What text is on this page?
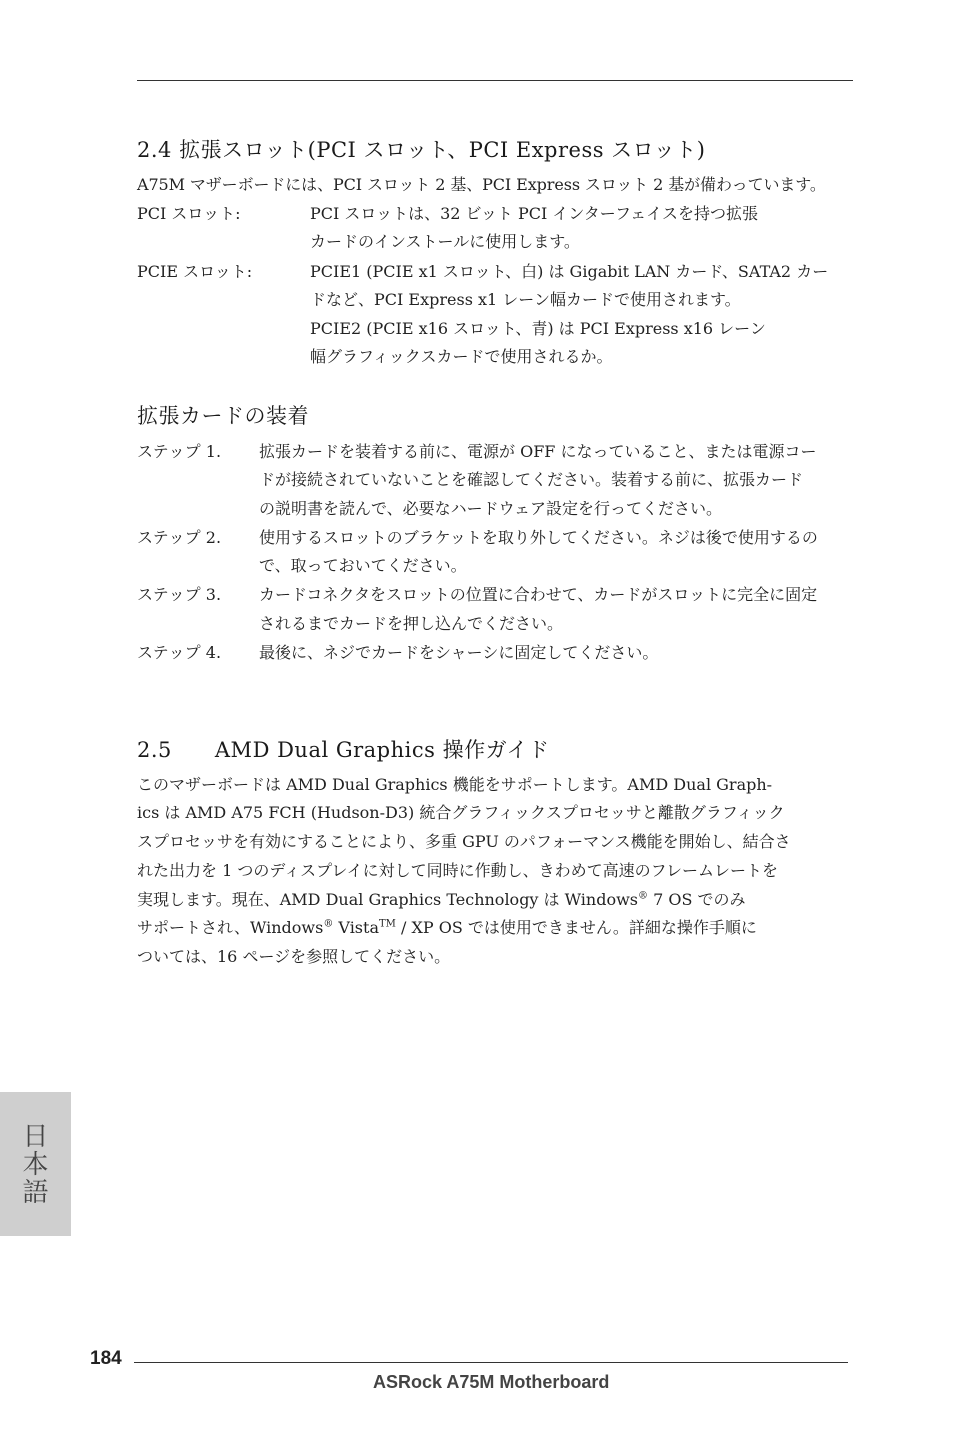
2.4 拡張スロット(PCI スロット、PCI Express スロット)
A75M マザーボードには、PCI スロット 2 基、PCI Express スロット 2 基が備わっています。
PCI スロット:	PCI スロットは、32 ビット PCI インターフェイスを持つ拡張
カードのインストールに使用します。
PCIE スロット:	PCIE1 (PCIE x1 スロット、白) は Gigabit LAN カード、SATA2 カー
ドなど、PCI Express x1 レーン幅カードで使用されます。
PCIE2 (PCIE x16 スロット、青) は PCI Express x16 レーン
幅グラフィックスカードで使用されるか。
拡張カードの装着
ステップ 1. 拡張カードを装着する前に、電源が OFF になっていること、または電源コー
ドが接続されていないことを確認してください。装着する前に、拡張カード
の説明書を読んで、必要なハードウェア設定を行ってください。
ステップ 2. 使用するスロットのブラケットを取り外してください。ネジは後で使用するの
で、取っておいてください。
ステップ 3. カードコネクタをスロットの位置に合わせて、カードがスロットに完全に固定
されるまでカードを押し込んでください。
ステップ 4. 最後に、ネジでカードをシャーシに固定してください。
2.5　　AMD Dual Graphics 操作ガイド
このマザーボードは AMD Dual Graphics 機能をサポートします。AMD Dual Graph-
ics は AMD A75 FCH (Hudson-D3) 統合グラフィックスプロセッサと離散グラフィック
スプロセッサを有効にすることにより、多重 GPU のパフォーマンス機能を開始し、結合さ
れた出力を 1 つのディスプレイに対して同時に作動し、きわめて高速のフレームレートを
実現します。現在、AMD Dual Graphics Technology は Windows® 7 OS でのみ
サポートされ、Windows® Vista™ / XP OS では使用できません。詳細な操作手順に
ついては、16 ページを参照してください。
日本語
184
ASRock A75M Motherboard
